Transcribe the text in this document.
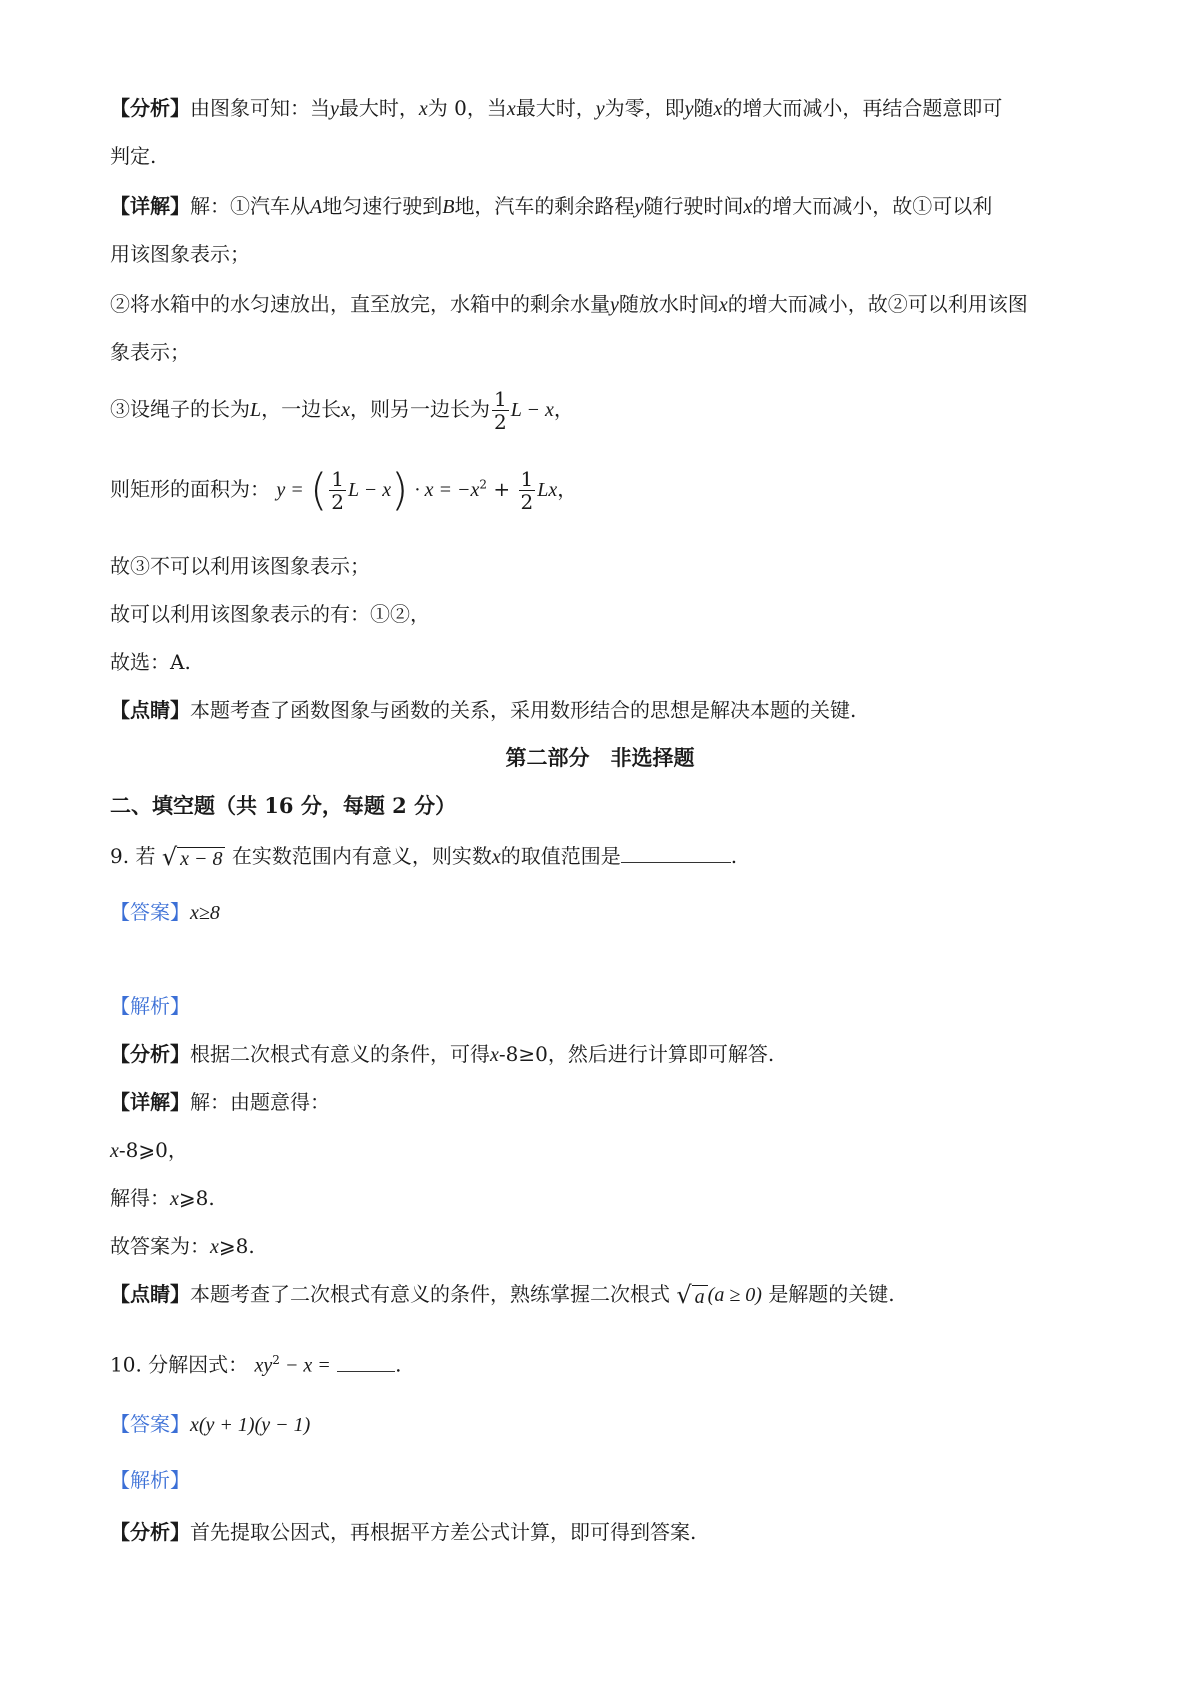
【分析】由图象可知：当y最大时，x为 0，当x最大时，y为零，即y随x的增大而减小，再结合题意即可
判定.
【详解】解：①汽车从A地匀速行驶到B地，汽车的剩余路程y随行驶时间x的增大而减小，故①可以利
用该图象表示；
②将水箱中的水匀速放出，直至放完，水箱中的剩余水量y随放水时间x的增大而减小，故②可以利用该图
象表示；
③设绳子的长为L，一边长x，则另一边长为 $\frac{1}{2}$ L − x，
则矩形的面积为： y = ( $\frac{1}{2}$ $L - x) \cdot x = -x^2 + \frac{1}{2}$ Lx，
故③不可以利用该图象表示；
故可以利用该图象表示的有：①②，
故选：A.
【点睛】本题考查了函数图象与函数的关系，采用数形结合的思想是解决本题的关键.
第二部分　非选择题
二、填空题（共 16 分，每题 2 分）
9. 若 √ x − 8 在实数范围内有意义，则实数x的取值范围是	.
【答案】x≥8
【解析】
【分析】根据二次根式有意义的条件，可得x-8≥0，然后进行计算即可解答.
【详解】解：由题意得：
x-8⩾0，
解得：x⩾8.
故答案为：x⩾8.
【点睛】本题考查了二次根式有意义的条件，熟练掌握二次根式 √ a (a ≥ 0) 是解题的关键.
10. 分解因式： $xy^2 - x$ =	.
【答案】x(y + 1)(y − 1)
【解析】
【分析】首先提取公因式，再根据平方差公式计算，即可得到答案.
